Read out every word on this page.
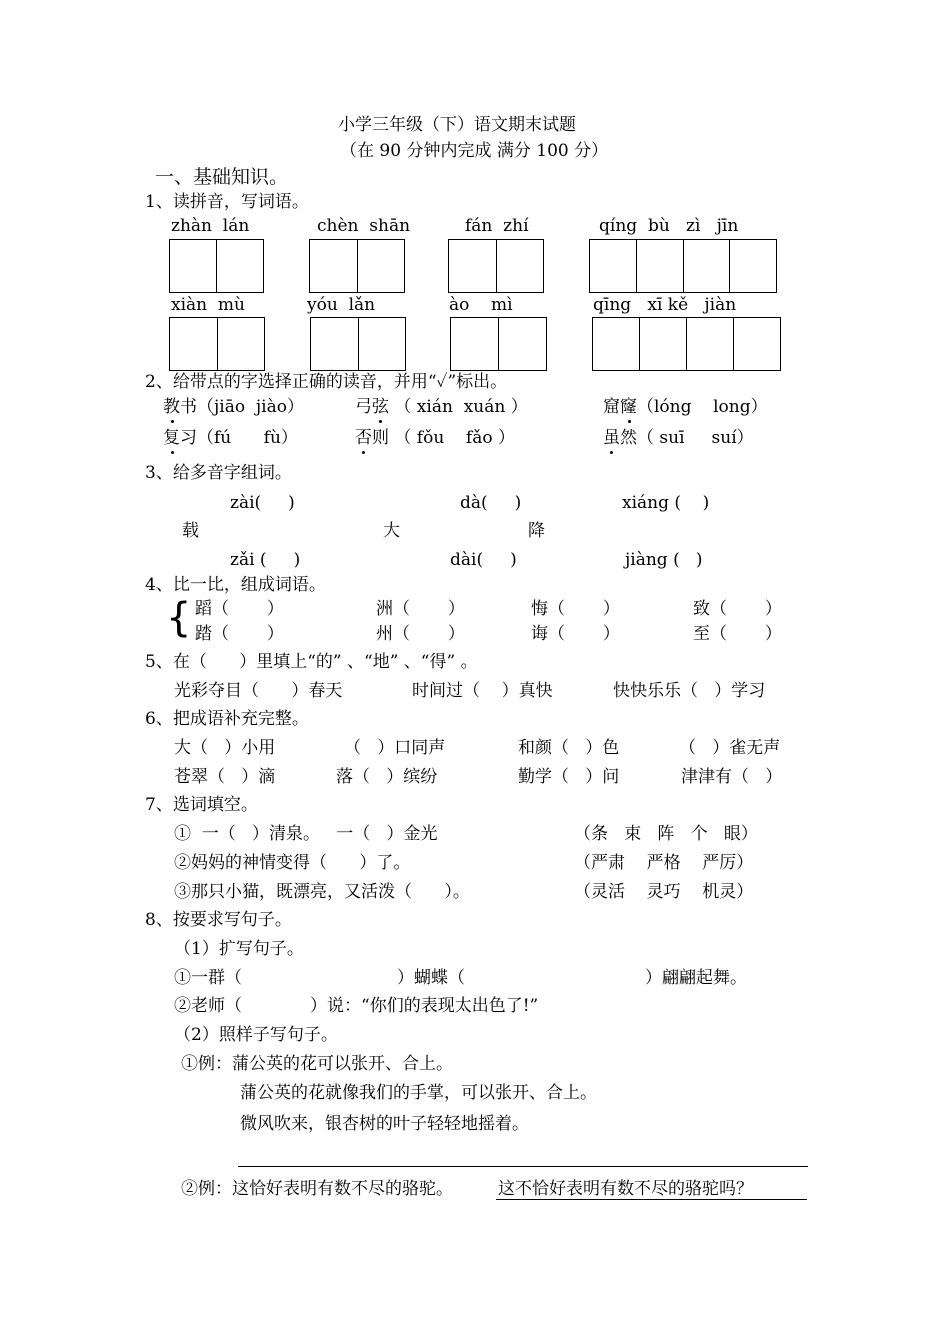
小学三年级（下）语文期末试题
（在 90 分钟内完成 满分 100 分）
一、基础知识。
1、读拼音，写词语。
zhàn  lán	chèn  shān	fán  zhí	qíng  bù   zì   jīn
xiàn  mù	yóu  lǎn	ào    mì	qīng   xī kě   jiàn
2、给带点的字选择正确的读音，并用“✓”标出。
教书（jiāo  jiào）	弓弦 （ xián  xuán ）	窟窿（lóng    long）
复习（fú      fù）	否则 （ fǒu    fǎo ）	虽然（ suī     suí）
3、给多音字组词。
zài(     )	dà(     )	xiáng (    )
载	大	降
zǎi (     )	dài(     )	jiàng (   )
4、比一比，组成词语。
{ 蹈（       ）	洲（       ）	悔（       ）	致（       ）
踏（       ）	州（       ）	诲（       ）	至（       ）
5、在（      ）里填上“的” 、“地” 、“得” 。
光彩夺目（      ）春天	时间过（    ）真快	快快乐乐（   ）学习
6、把成语补充完整。
大（   ）小用	（   ）口同声	和颜（   ）色	（   ）雀无声
苍翠（   ）滴	落（   ）缤纷	勤学（   ）问	津津有（   ）
7、选词填空。
①  一（   ）清泉。   一（   ）金光	（条   束   阵   个   眼）
②妈妈的神情变得（      ）了。	（严肃    严格    严厉）
③那只小猫，既漂亮，又活泼（      ）。	（灵活    灵巧    机灵）
8、按要求写句子。
（1）扩写句子。
①一群（	）蝴蝶（	）翩翩起舞。
②老师（	）说：“你们的表现太出色了!”
（2）照样子写句子。
①例：蒲公英的花可以张开、合上。
蒲公英的花就像我们的手掌，可以张开、合上。
微风吹来，银杏树的叶子轻轻地摇着。
②例：这恰好表明有数不尽的骆驼。	这不恰好表明有数不尽的骆驼吗？
